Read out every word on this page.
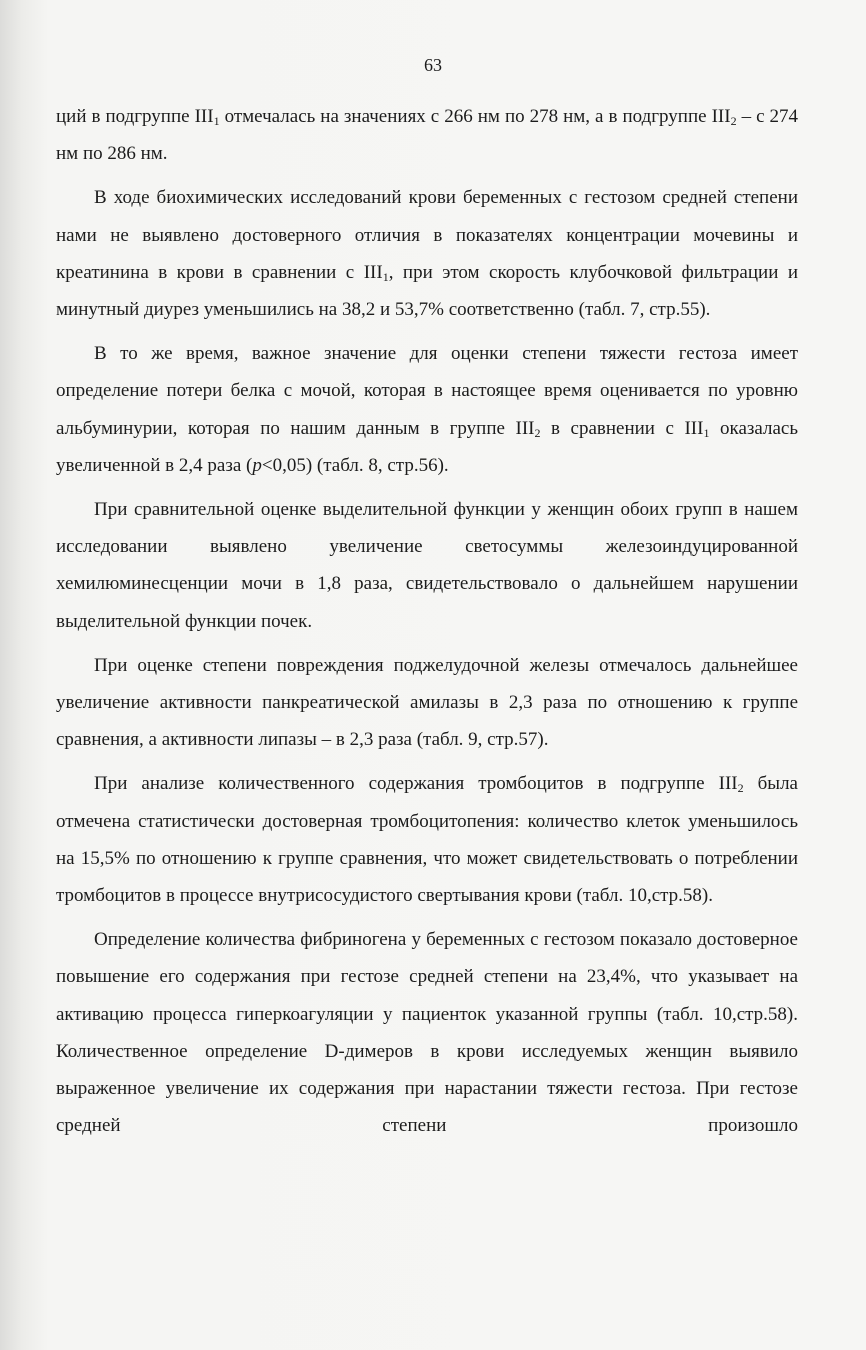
63

ций в подгруппе $III_1$ отмечалась на значениях с 266 нм по 278 нм, а в подгруппе $III_2$ – с 274 нм по 286 нм.

В ходе биохимических исследований крови беременных с гестозом средней степени нами не выявлено достоверного отличия в показателях концентрации мочевины и креатинина в крови в сравнении с $III_1$, при этом скорость клубочковой фильтрации и минутный диурез уменьшились на 38,2 и 53,7% соответственно (табл. 7, стр.55).

В то же время, важное значение для оценки степени тяжести гестоза имеет определение потери белка с мочой, которая в настоящее время оценивается по уровню альбуминурии, которая по нашим данным в группе $III_2$ в сравнении с $III_1$ оказалась увеличенной в 2,4 раза (p<0,05) (табл. 8, стр.56).

При сравнительной оценке выделительной функции у женщин обоих групп в нашем исследовании выявлено увеличение светосуммы железоиндуцированной хемилюминесценции мочи в 1,8 раза, свидетельствовало о дальнейшем нарушении выделительной функции почек.

При оценке степени повреждения поджелудочной железы отмечалось дальнейшее увеличение активности панкреатической амилазы в 2,3 раза по отношению к группе сравнения, а активности липазы – в 2,3 раза (табл. 9, стр.57).

При анализе количественного содержания тромбоцитов в подгруппе $III_2$ была отмечена статистически достоверная тромбоцитопения: количество клеток уменьшилось на 15,5% по отношению к группе сравнения, что может свидетельствовать о потреблении тромбоцитов в процессе внутрисосудистого свертывания крови (табл. 10,стр.58).

Определение количества фибриногена у беременных с гестозом показало достоверное повышение его содержания при гестозе средней степени на 23,4%, что указывает на активацию процесса гиперкоагуляции у пациенток указанной группы (табл. 10,стр.58). Количественное определение D-димеров в крови исследуемых женщин выявило выраженное увеличение их содержания при нарастании тяжести гестоза. При гестозе средней степени произошло
